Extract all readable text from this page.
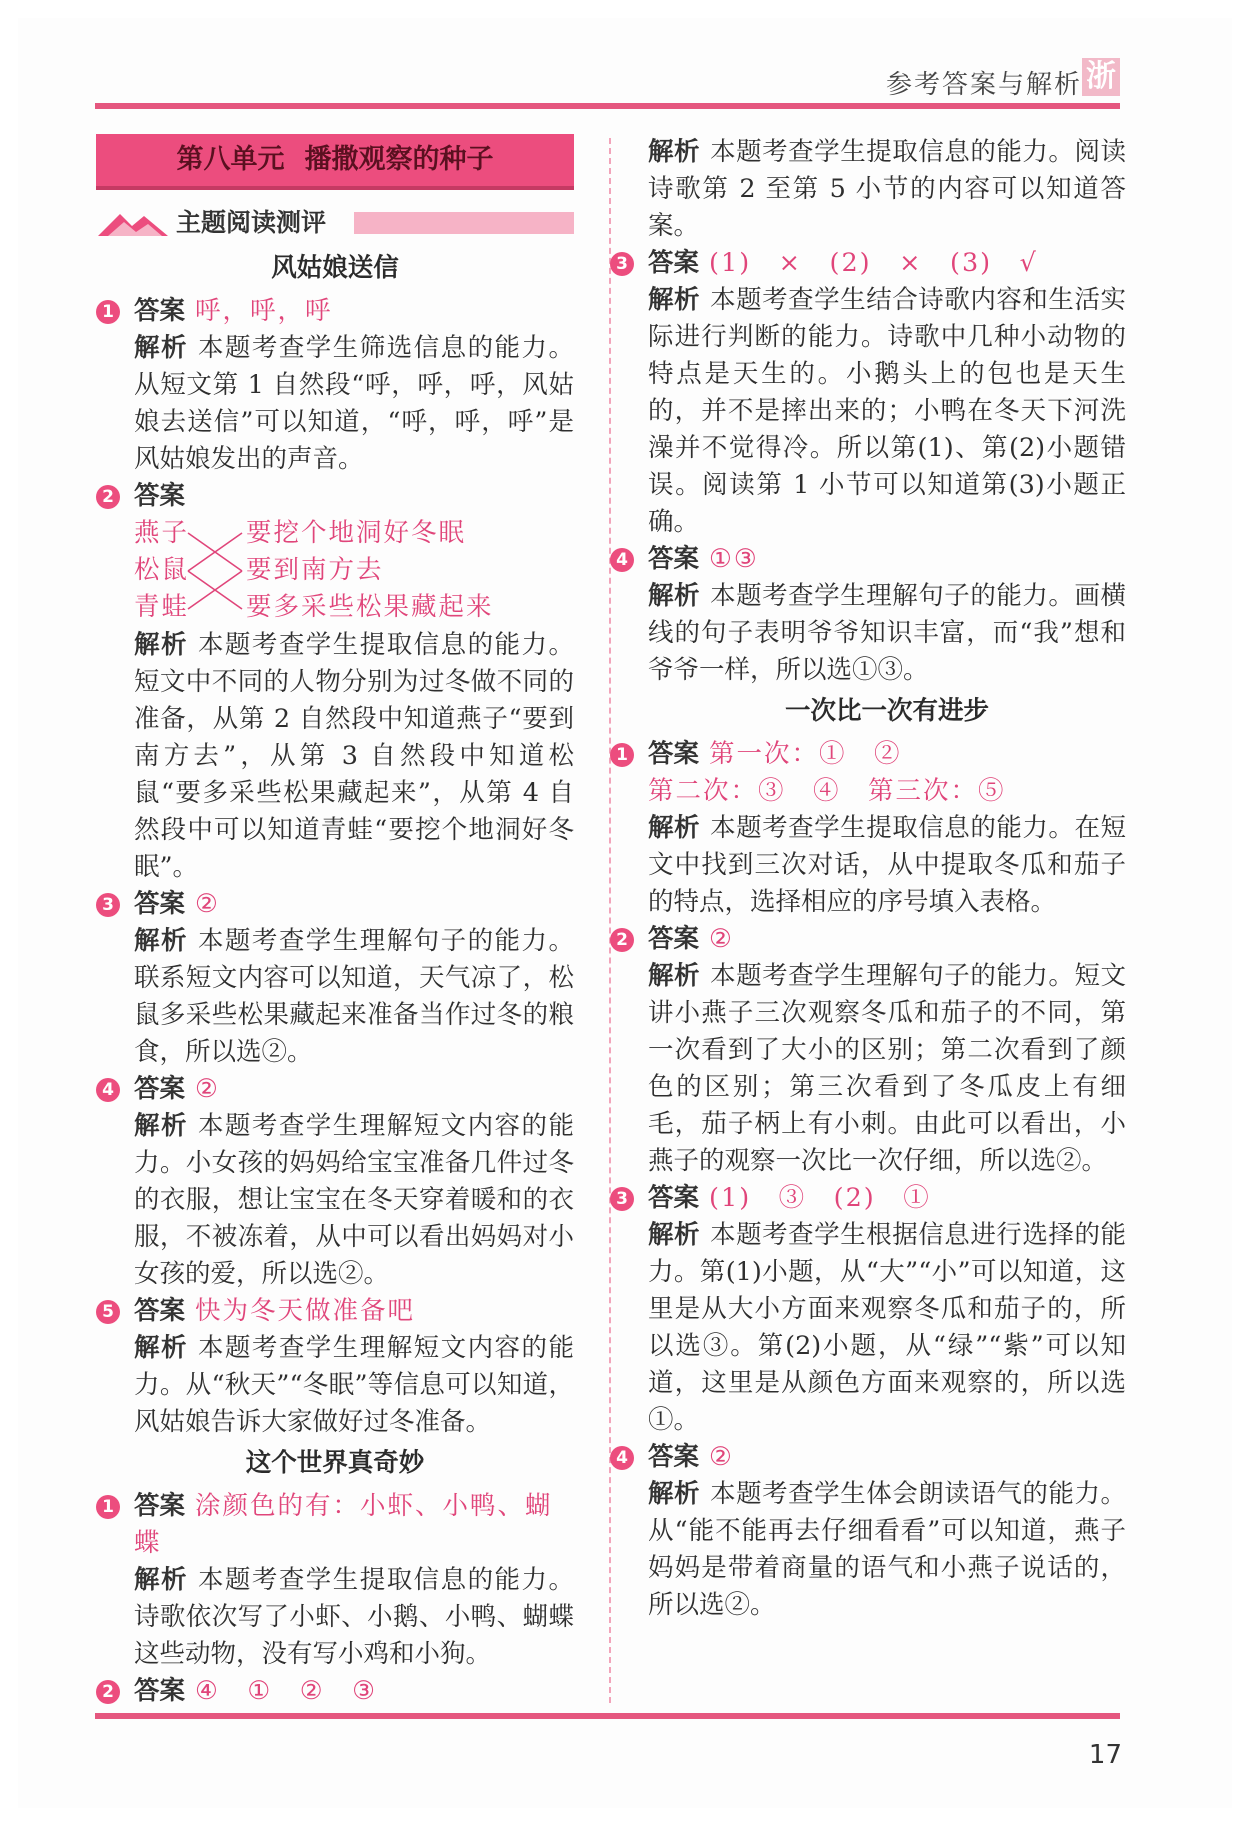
参考答案与解析 浙
第八单元 播撒观察的种子
主题阅读测评
风姑娘送信
1 答案 呼，呼，呼
解析 本题考查学生筛选信息的能力。从短文第 1 自然段“呼，呼，呼，风姑娘去送信”可以知道，“呼，呼，呼”是风姑娘发出的声音。
2 答案
燕子
松鼠
青蛙
要挖个地洞好冬眠
要到南方去
要多采些松果藏起来
解析 本题考查学生提取信息的能力。短文中不同的人物分别为过冬做不同的准备，从第 2 自然段中知道燕子“要到南方去”，从第 3 自然段中知道松鼠“要多采些松果藏起来”，从第 4 自然段中可以知道青蛙“要挖个地洞好冬眠”。
3 答案 ②
解析 本题考查学生理解句子的能力。联系短文内容可以知道，天气凉了，松鼠多采些松果藏起来准备当作过冬的粮食，所以选②。
4 答案 ②
解析 本题考查学生理解短文内容的能力。小女孩的妈妈给宝宝准备几件过冬的衣服，想让宝宝在冬天穿着暖和的衣服，不被冻着，从中可以看出妈妈对小女孩的爱，所以选②。
5 答案 快为冬天做准备吧
解析 本题考查学生理解短文内容的能力。从“秋天”“冬眠”等信息可以知道，风姑娘告诉大家做好过冬准备。
这个世界真奇妙
1 答案 涂颜色的有：小虾、小鸭、蝴蝶
解析 本题考查学生提取信息的能力。诗歌依次写了小虾、小鹅、小鸭、蝴蝶这些动物，没有写小鸡和小狗。
2 答案 ④　①　②　③
解析 本题考查学生提取信息的能力。阅读诗歌第 2 至第 5 小节的内容可以知道答案。
3 答案 (1)　×　(2)　×　(3)　√
解析 本题考查学生结合诗歌内容和生活实际进行判断的能力。诗歌中几种小动物的特点是天生的。小鹅头上的包也是天生的，并不是摔出来的；小鸭在冬天下河洗澡并不觉得冷。所以第(1)、第(2)小题错误。阅读第 1 小节可以知道第(3)小题正确。
4 答案 ①③
解析 本题考查学生理解句子的能力。画横线的句子表明爷爷知识丰富，而“我”想和爷爷一样，所以选①③。
一次比一次有进步
1 答案 第一次：①　②
第二次：③　④　第三次：⑤
解析 本题考查学生提取信息的能力。在短文中找到三次对话，从中提取冬瓜和茄子的特点，选择相应的序号填入表格。
2 答案 ②
解析 本题考查学生理解句子的能力。短文讲小燕子三次观察冬瓜和茄子的不同，第一次看到了大小的区别；第二次看到了颜色的区别；第三次看到了冬瓜皮上有细毛，茄子柄上有小刺。由此可以看出，小燕子的观察一次比一次仔细，所以选②。
3 答案 (1)　③　(2)　①
解析 本题考查学生根据信息进行选择的能力。第(1)小题，从“大”“小”可以知道，这里是从大小方面来观察冬瓜和茄子的，所以选③。第(2)小题，从“绿”“紫”可以知道，这里是从颜色方面来观察的，所以选①。
4 答案 ②
解析 本题考查学生体会朗读语气的能力。从“能不能再去仔细看看”可以知道，燕子妈妈是带着商量的语气和小燕子说话的，所以选②。
17
